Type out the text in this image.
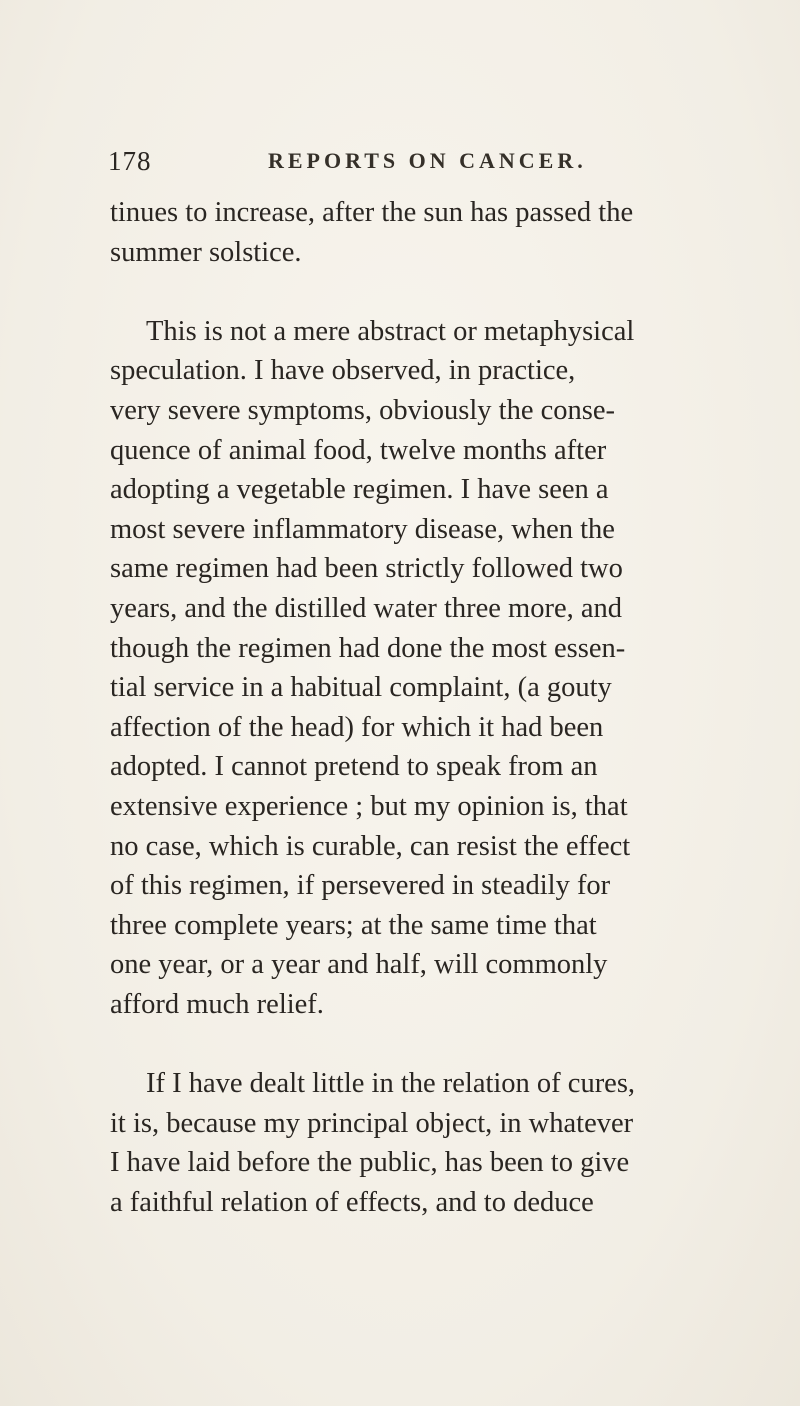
178	REPORTS ON CANCER.

tinues to increase, after the sun has passed the
summer solstice.

This is not a mere abstract or metaphysical
speculation. I have observed, in practice,
very severe symptoms, obviously the conse-
quence of animal food, twelve months after
adopting a vegetable regimen. I have seen a
most severe inflammatory disease, when the
same regimen had been strictly followed two
years, and the distilled water three more, and
though the regimen had done the most essen-
tial service in a habitual complaint, (a gouty
affection of the head) for which it had been
adopted. I cannot pretend to speak from an
extensive experience ; but my opinion is, that
no case, which is curable, can resist the effect
of this regimen, if persevered in steadily for
three complete years; at the same time that
one year, or a year and half, will commonly
afford much relief.

If I have dealt little in the relation of cures,
it is, because my principal object, in whatever
I have laid before the public, has been to give
a faithful relation of effects, and to deduce
